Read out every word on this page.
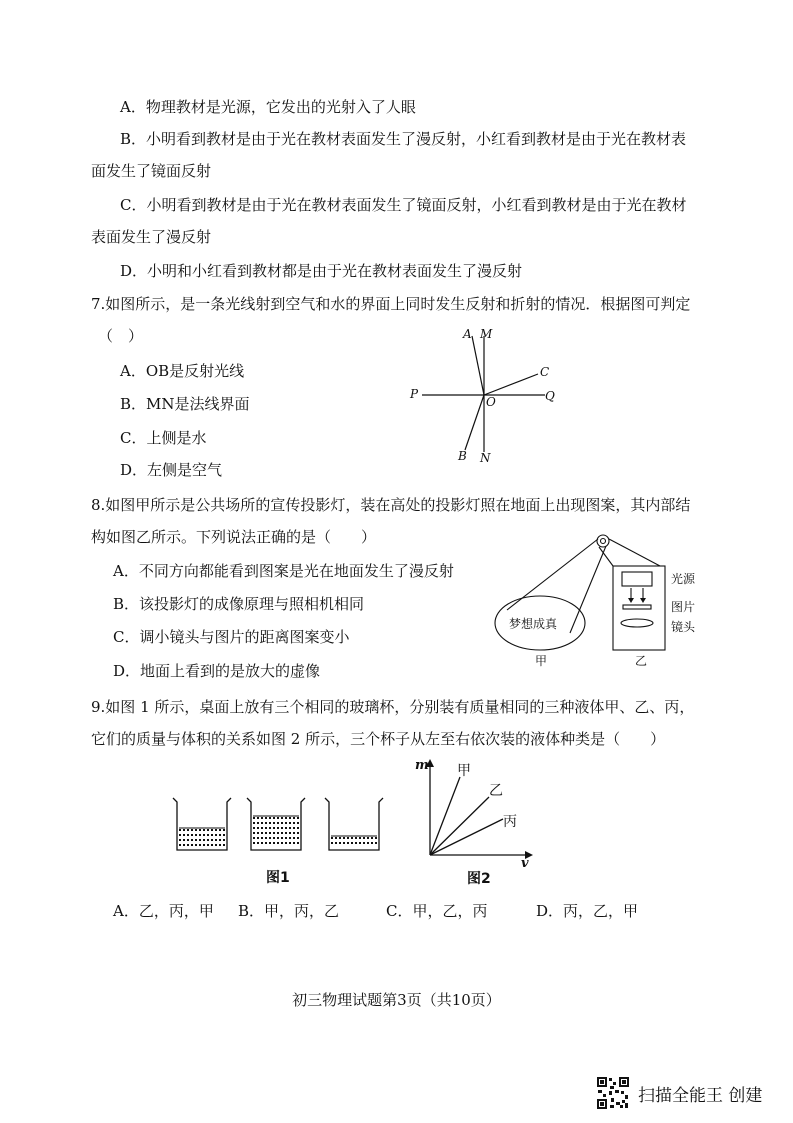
A．物理教材是光源，它发出的光射入了人眼
B．小明看到教材是由于光在教材表面发生了漫反射，小红看到教材是由于光在教材表
面发生了镜面反射
C．小明看到教材是由于光在教材表面发生了镜面反射，小红看到教材是由于光在教材
表面发生了漫反射
D．小明和小红看到教材都是由于光在教材表面发生了漫反射
7.如图所示，是一条光线射到空气和水的界面上同时发生反射和折射的情况．根据图可判定
（　）
A．OB是反射光线
B．MN是法线界面
C．上侧是水
D．左侧是空气
A M
C
P
O	Q
B N
8.如图甲所示是公共场所的宣传投影灯，装在高处的投影灯照在地面上出现图案，其内部结
构如图乙所示。下列说法正确的是（　　）
A．不同方向都能看到图案是光在地面发生了漫反射
B．该投影灯的成像原理与照相机相同
C．调小镜头与图片的距离图案变小
D．地面上看到的是放大的虚像
梦想成真
甲	乙
光源
图片
镜头
9.如图 1 所示，桌面上放有三个相同的玻璃杯，分别装有质量相同的三种液体甲、乙、丙，
它们的质量与体积的关系如图 2 所示，三个杯子从左至右依次装的液体种类是（　　）
图1
m
v
甲
乙
丙
图2
A．乙，丙，甲 B．甲，丙，乙	C．甲，乙，丙	D．丙，乙，甲
初三物理试题第3页（共10页）
扫描全能王 创建
